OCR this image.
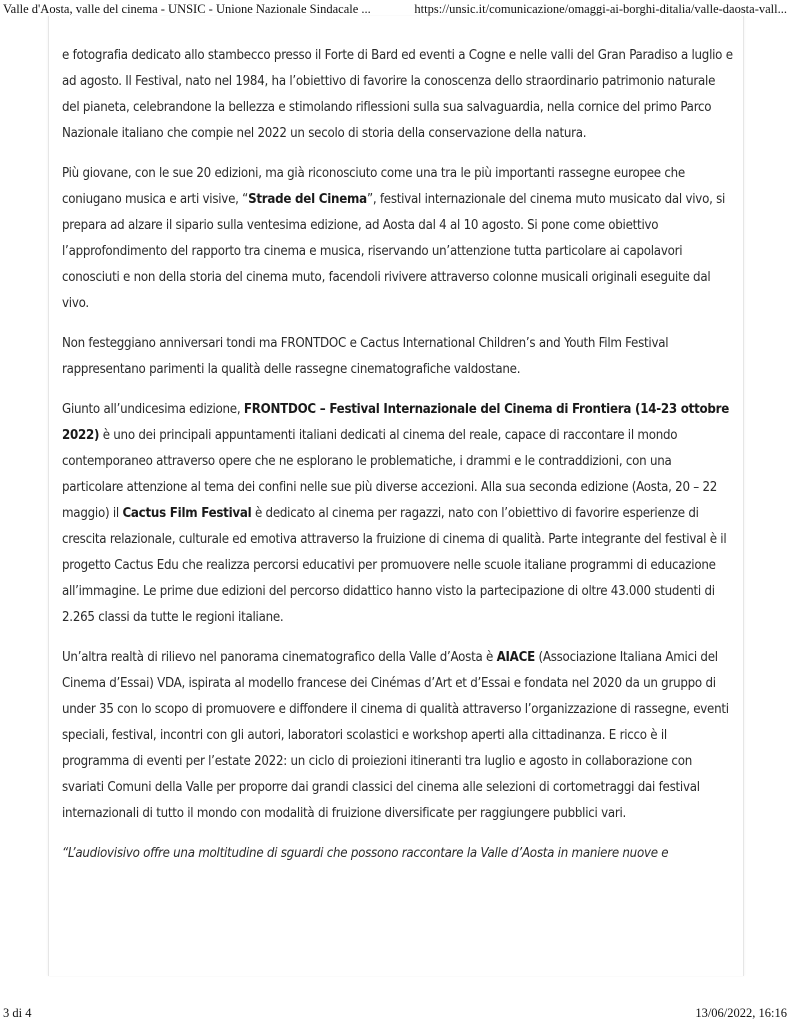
Valle d'Aosta, valle del cinema - UNSIC - Unione Nazionale Sindacale ...	https://unsic.it/comunicazione/omaggi-ai-borghi-ditalia/valle-daosta-vall...

e fotografia dedicato allo stambecco presso il Forte di Bard ed eventi a Cogne e nelle valli del Gran Paradiso a luglio e ad agosto. Il Festival, nato nel 1984, ha l’obiettivo di favorire la conoscenza dello straordinario patrimonio naturale del pianeta, celebrandone la bellezza e stimolando riflessioni sulla sua salvaguardia, nella cornice del primo Parco Nazionale italiano che compie nel 2022 un secolo di storia della conservazione della natura.

Più giovane, con le sue 20 edizioni, ma già riconosciuto come una tra le più importanti rassegne europee che coniugano musica e arti visive, “Strade del Cinema”, festival internazionale del cinema muto musicato dal vivo, si prepara ad alzare il sipario sulla ventesima edizione, ad Aosta dal 4 al 10 agosto. Si pone come obiettivo l’approfondimento del rapporto tra cinema e musica, riservando un’attenzione tutta particolare ai capolavori conosciuti e non della storia del cinema muto, facendoli rivivere attraverso colonne musicali originali eseguite dal vivo.

Non festeggiano anniversari tondi ma FRONTDOC e Cactus International Children’s and Youth Film Festival rappresentano parimenti la qualità delle rassegne cinematografiche valdostane.

Giunto all’undicesima edizione, FRONTDOC – Festival Internazionale del Cinema di Frontiera (14-23 ottobre 2022) è uno dei principali appuntamenti italiani dedicati al cinema del reale, capace di raccontare il mondo contemporaneo attraverso opere che ne esplorano le problematiche, i drammi e le contraddizioni, con una particolare attenzione al tema dei confini nelle sue più diverse accezioni. Alla sua seconda edizione (Aosta, 20 – 22 maggio) il Cactus Film Festival è dedicato al cinema per ragazzi, nato con l’obiettivo di favorire esperienze di crescita relazionale, culturale ed emotiva attraverso la fruizione di cinema di qualità. Parte integrante del festival è il progetto Cactus Edu che realizza percorsi educativi per promuovere nelle scuole italiane programmi di educazione all’immagine. Le prime due edizioni del percorso didattico hanno visto la partecipazione di oltre 43.000 studenti di 2.265 classi da tutte le regioni italiane.

Un’altra realtà di rilievo nel panorama cinematografico della Valle d’Aosta è AIACE (Associazione Italiana Amici del Cinema d’Essai) VDA, ispirata al modello francese dei Cinémas d’Art et d’Essai e fondata nel 2020 da un gruppo di under 35 con lo scopo di promuovere e diffondere il cinema di qualità attraverso l’organizzazione di rassegne, eventi speciali, festival, incontri con gli autori, laboratori scolastici e workshop aperti alla cittadinanza. E ricco è il programma di eventi per l’estate 2022: un ciclo di proiezioni itineranti tra luglio e agosto in collaborazione con svariati Comuni della Valle per proporre dai grandi classici del cinema alle selezioni di cortometraggi dai festival internazionali di tutto il mondo con modalità di fruizione diversificate per raggiungere pubblici vari.

“L’audiovisivo offre una moltitudine di sguardi che possono raccontare la Valle d’Aosta in maniere nuove e

3 di 4	13/06/2022, 16:16
